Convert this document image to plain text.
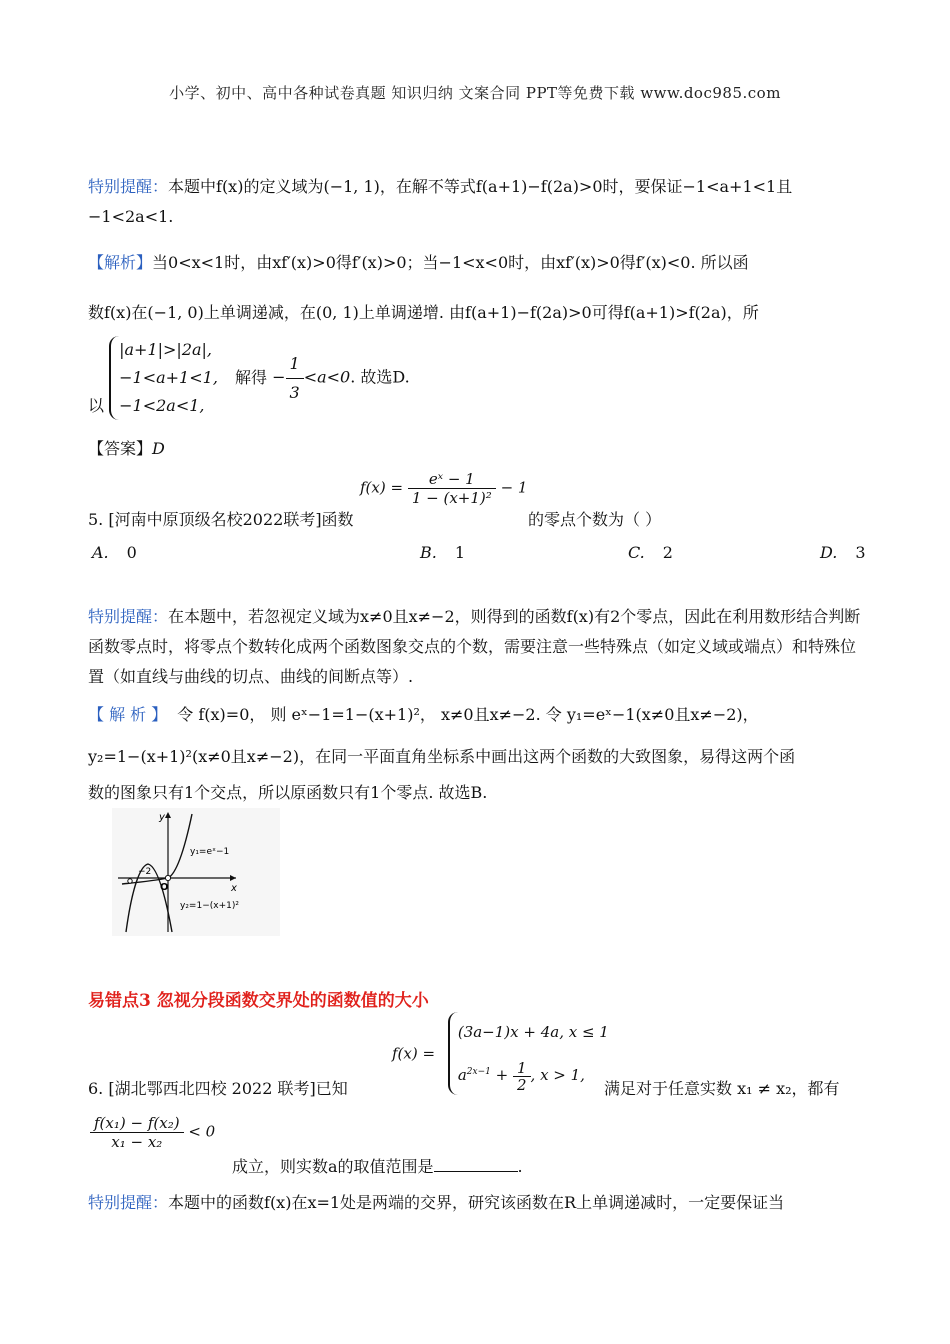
小学、初中、高中各种试卷真题 知识归纳 文案合同 PPT等免费下载 www.doc985.com
特别提醒：本题中f(x)的定义域为(−1, 1)，在解不等式f(a+1)−f(2a)>0时，要保证−1<a+1<1且−1<2a<1.
【解析】当0<x<1时，由xf′(x)>0得f′(x)>0；当−1<x<0时，由xf′(x)>0得f′(x)<0. 所以函
数f(x)在(−1, 0)上单调递减，在(0, 1)上单调递增. 由f(a+1)−f(2a)>0可得f(a+1)>f(2a)，所
以
|a+1|>|2a|,
−1<a+1<1,
−1<2a<1,
解得 − $\frac{1}{3} <a<0$. 故选D.
【答案】D
$f(x) = \frac{\text{eˣ − 1}}{\text{1 − (x+1)²}} - 1$
5. [河南中原顶级名校2022联考]函数	的零点个数为（ ）
A. 0	B. 1	C. 2	D. 3
特别提醒：在本题中，若忽视定义域为x≠0且x≠−2，则得到的函数f(x)有2个零点，因此在利用数形结合判断函数零点时，将零点个数转化成两个函数图象交点的个数，需要注意一些特殊点（如定义域或端点）和特殊位置（如直线与曲线的切点、曲线的间断点等）.
【 解 析 】 令 f(x)=0， 则 eˣ−1=1−(x+1)²， x≠0且x≠−2. 令 y₁=eˣ−1(x≠0且x≠−2)，
y₂=1−(x+1)²(x≠0且x≠−2)，在同一平面直角坐标系中画出这两个函数的大致图象，易得这两个函
数的图象只有1个交点，所以原函数只有1个零点. 故选B.
y
x
O
−2
y₁=eˣ−1
y₂=1−(x+1)²
易错点3 忽视分段函数交界处的函数值的大小
f(x) =
(3a−1)x + 4a, x ≤ 1
$a^{2x-1} + \frac{1}{2}$ , x > 1,
6. [湖北鄂西北四校 2022 联考]已知	满足对于任意实数 x₁ ≠ x₂，都有
$\frac{\text{f(x₁) − f(x₂)}}{\text{x₁ − x₂}} < 0$
成立，则实数a的取值范围是	.
特别提醒：本题中的函数f(x)在x=1处是两端的交界，研究该函数在R上单调递减时，一定要保证当
